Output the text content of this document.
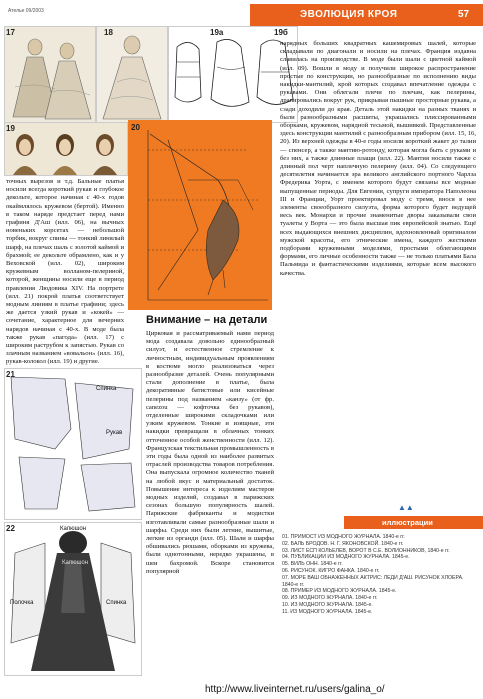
Ателье 09/2003	ЭВОЛЮЦИЯ КРОЯ	57
17	18	19а	19б
19	20
точных вырезов и т.д. Бальные платья носили всегда короткий рукав и глубокое декольте, которое начиная с 40-х годов окаймлялось кружевом (бертой). Именно в таком наряде предстает перед нами графиня Д'Аш (илл. 06), на вычных новеньких корсетах — небольшой торбик, вокруг спины — тонкий линялый шарф, на плечах шаль с золотой каймой и брахмой; ее декольте обрамлено, как и у Веховской (илл. 02), широким кружевным волланом-пелериной, которой, женщины носили еще в период правления Людовика XIV. На портрете (илл. 21) покрой платья соответствует модным линиям в платье графини; здесь же дается узкий рукав и «кокей» — сочетание, характерное для вечерних нарядов начиная с 40-х. В моде была также рукав «пагода» (илл. 17) с широким раструбом к запястью. Рукав со злачным названием «вовальон» (илл. 16), рукав-колокол (илл. 19) и другие.
нарядных больших квадратных кашемировых шалей, которые складывали по диагонали и носили на плечах. Франция издавна славилась на производстве. В моде были шали с цветной каймой (илл. 09). Вошли в моду и получили широкое распространение простые по конструкции, но разнообразные по исполнению виды накидки-мантилий, крой которых создавал впечатление одежды с рукавами. Они облегали плечи по плечам, как пелерины, драпировались вокруг рук, прикрывая пышные просторные рукава, а сзади доходили до края. Деталь этой накидки на разных тканях и были разнообразными расшиты, украшались плиссированными оборками, кружевом, нарядной тесьмой, вышивкой. Представленные здесь конструкции мантилий с разнообразным прибором (илл. 15, 16, 20). Из верхней одежды в 40-е годы носили короткий жакет до талии — спенсер, а также мантию-ротонду, которая могла быть с руками и без них, а также длинные плащи (илл. 22). Мантия носили также с длинный пол черт наплечную пелерину (илл. 04). Со следующего десятилетия начинается эра великого английского портного Чарлза Фредерика Уорта, с именем которого будут связаны все модные выпущенные периоды. Для Евгении, супруги императора Наполеона III и Франции, Уорт проектировал моду с тремя, внося в нее элементы своеобразного силуэта, форма которого будет ведущей весь век. Монархи и прочие знаменитые дворы заказывали свои туалеты у Ворта — это была высшая пик европейской знатью. Ещё всех выдающихся внешних дисциплин, вдохновленный оригиналом мужской красоты, его этнические имена, каждого жесткими подборами кружевными моделями, простыми облегающими формами, его личные особенности также — не только платьями Бала Пальмида и фантастическими изделиями, которые всем высокого качества.
▲▲
21
Спинка
Рукав
22	Капюшон
Полочка	Спинка
Капюшон
Внимание – на детали
Цирковая и рассматриваемый нами период мода создавала довольно единообразный силуэт, и естественное стремление к личностным, индивидуальным проявлениям в костюме могло реализоваться через разнообразие деталей. Очень популярными стали дополнение в платье, была декоративные батистовые или кисейные пелерины под названием «канзу» (от фр. canezou — кофточка без рукавов), отделенные широкими складочками или узким кружевом. Тонкие и изящные, эти накидки превращали в облачных тонких отточенное особой женственности (илл. 12). Французская текстильная промышленность в эти годы была одной из наиболее развитых отраслей производства товаров потребления. Она выпускала огромное количество тканей на любой вкус и материальный достаток. Повышение интереса к изделиям мастеров модных изделий, создавал в парижских сезонах большую популярность шалей. Парижские фабриканты и модистки изготавливали самые разнообразные шали и шарфы. Среди них были летние, вышитые, легкие из органди (илл. 05). Шали и шарфы обшивались рюшами, оборками из кружева, были однотонными, нередко украшены, в шеи бахромой. Вскоре становится популярной
иллюстрации
01. ПРИМОСТ ИЗ МОДНОГО ЖУРНАЛА. 1840-е гг.
02. БАЛЬ БРОДОВ. Н. Г. ЯКОНОВСКОЙ. 1840-е гг.
03. ЛИСТ ЕСП КОЛЬЕЛЕВ, ВОРОТ В С.Е. ВОЛИОННИКОВ, 1840-е гг.
04. ПУБЛИКАЦИИ ИЗ МОДНОГО ЖУРНАЛА. 1845-е.
05. ВИЛЬ ОНН. 1840-е гг.
06. РИСУНОК. КИГРО ФАНКА. 1840-е гг.
07. МОРЕ ВАШ ОБНАЖЕННЫХ АКТРИС: ЛЕДИ Д'АШ. РИСУНОК ХЛОЕРА. 1840-е гг.
08. ПРИМЕР ИЗ МОДНОГО ЖУРНАЛА. 1845-е.
09. ИЗ МОДНОГО ЖУРНАЛА. 1840-е гг.
10. ИЗ МОДНОГО ЖУРНАЛА. 1845-е.
11. ИЗ МОДНОГО ЖУРНАЛА. 1845-е.
http://www.liveinternet.ru/users/galina_o/
